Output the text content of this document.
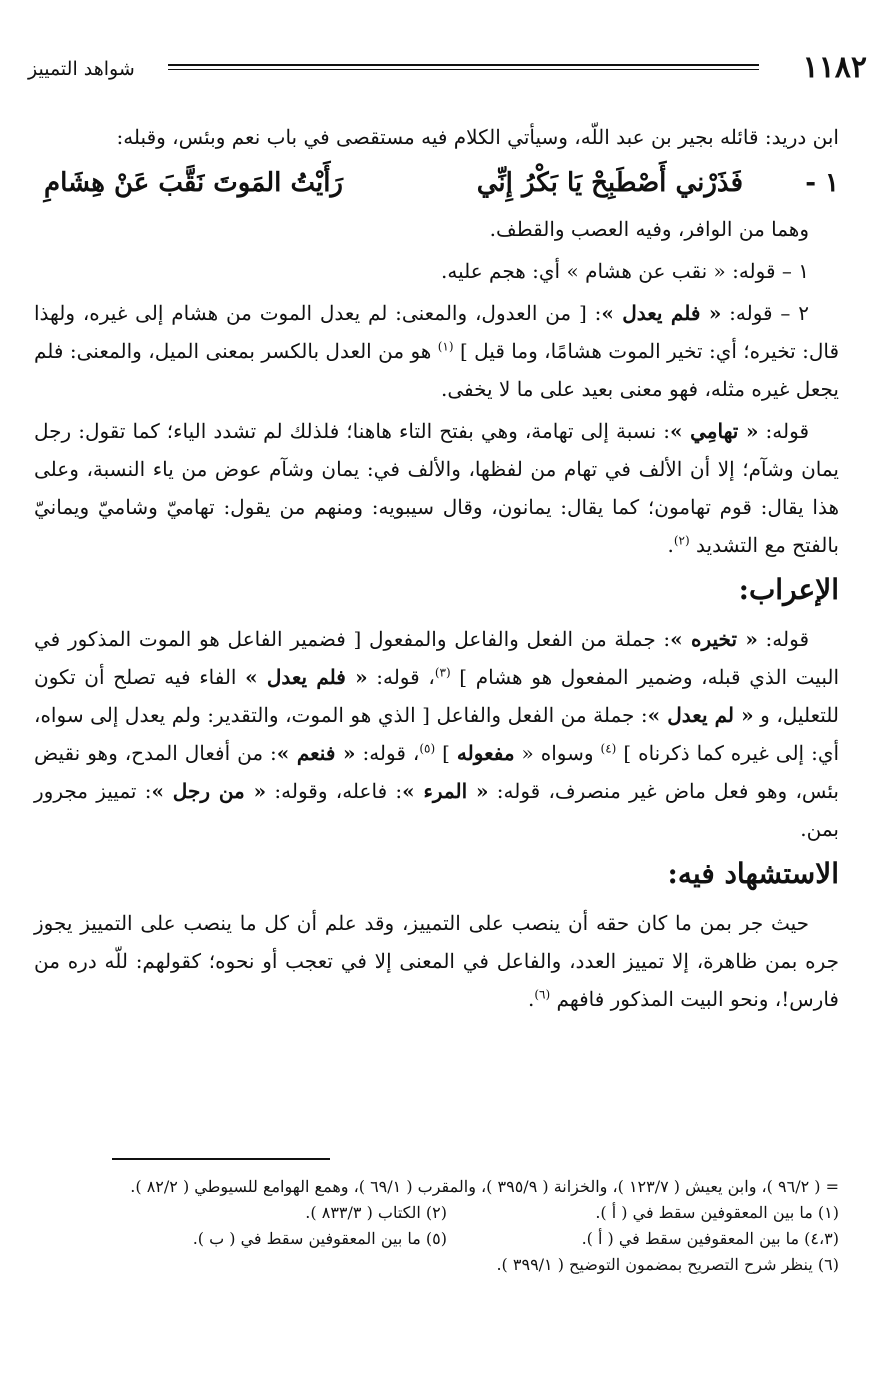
١١٨٢
شواهد التمييز

ابن دريد: قائله بجير بن عبد اللّه، وسيأتي الكلام فيه مستقصى في باب نعم وبئس، وقبله:

١ -
فَذَرْني أَصْطَبِحْ يَا بَكْرُ إِنِّي
رَأَيْتُ المَوتَ نَقَّبَ عَنْ هِشَامِ

وهما من الوافر، وفيه العصب والقطف.

١ – قوله: « نقب عن هشام » أي: هجم عليه.

٢ – قوله: « فلم يعدل »: [ من العدول، والمعنى: لم يعدل الموت من هشام إلى غيره، ولهذا قال: تخيره؛ أي: تخير الموت هشامًا، وما قيل ] $^{(١)}$ هو من العدل بالكسر بمعنى الميل، والمعنى: فلم يجعل غيره مثله، فهو معنى بعيد على ما لا يخفى.

قوله: « تهامِي »: نسبة إلى تهامة، وهي بفتح التاء هاهنا؛ فلذلك لم تشدد الياء؛ كما تقول: رجل يمان وشآم؛ إلا أن الألف في تهام من لفظها، والألف في: يمان وشآم عوض من ياء النسبة، وعلى هذا يقال: قوم تهامون؛ كما يقال: يمانون، وقال سيبويه: ومنهم من يقول: تهاميّ وشاميّ ويمانيّ بالفتح مع التشديد $^{(٢)}$.

الإعراب:

قوله: « تخيره »: جملة من الفعل والفاعل والمفعول [ فضمير الفاعل هو الموت المذكور في البيت الذي قبله، وضمير المفعول هو هشام ] $^{(٣)}$، قوله: « فلم يعدل » الفاء فيه تصلح أن تكون للتعليل، و « لم يعدل »: جملة من الفعل والفاعل [ الذي هو الموت، والتقدير: ولم يعدل إلى سواه، أي: إلى غيره كما ذكرناه ] $^{(٤)}$ وسواه « مفعوله ] $^{(٥)}$، قوله: « فنعم »: من أفعال المدح، وهو نقيض بئس، وهو فعل ماض غير منصرف، قوله: « المرء »: فاعله، وقوله: « من رجل »: تمييز مجرور بمن.

الاستشهاد فيه:

حيث جر بمن ما كان حقه أن ينصب على التمييز، وقد علم أن كل ما ينصب على التمييز يجوز جره بمن ظاهرة، إلا تمييز العدد، والفاعل في المعنى إلا في تعجب أو نحوه؛ كقولهم: للّه دره من فارس!، ونحو البيت المذكور فافهم $^{(٦)}$.

= ( ٩٦/٢ )، وابن يعيش ( ١٢٣/٧ )، والخزانة ( ٣٩٥/٩ )، والمقرب ( ٦٩/١ )، وهمع الهوامع للسيوطي ( ٨٢/٢ ).
(١) ما بين المعقوفين سقط في ( أ ).
(٢) الكتاب ( ٨٣٣/٣ ).
(٤،٣) ما بين المعقوفين سقط في ( أ ).
(٥) ما بين المعقوفين سقط في ( ب ).
(٦) ينظر شرح التصريح بمضمون التوضيح ( ٣٩٩/١ ).
